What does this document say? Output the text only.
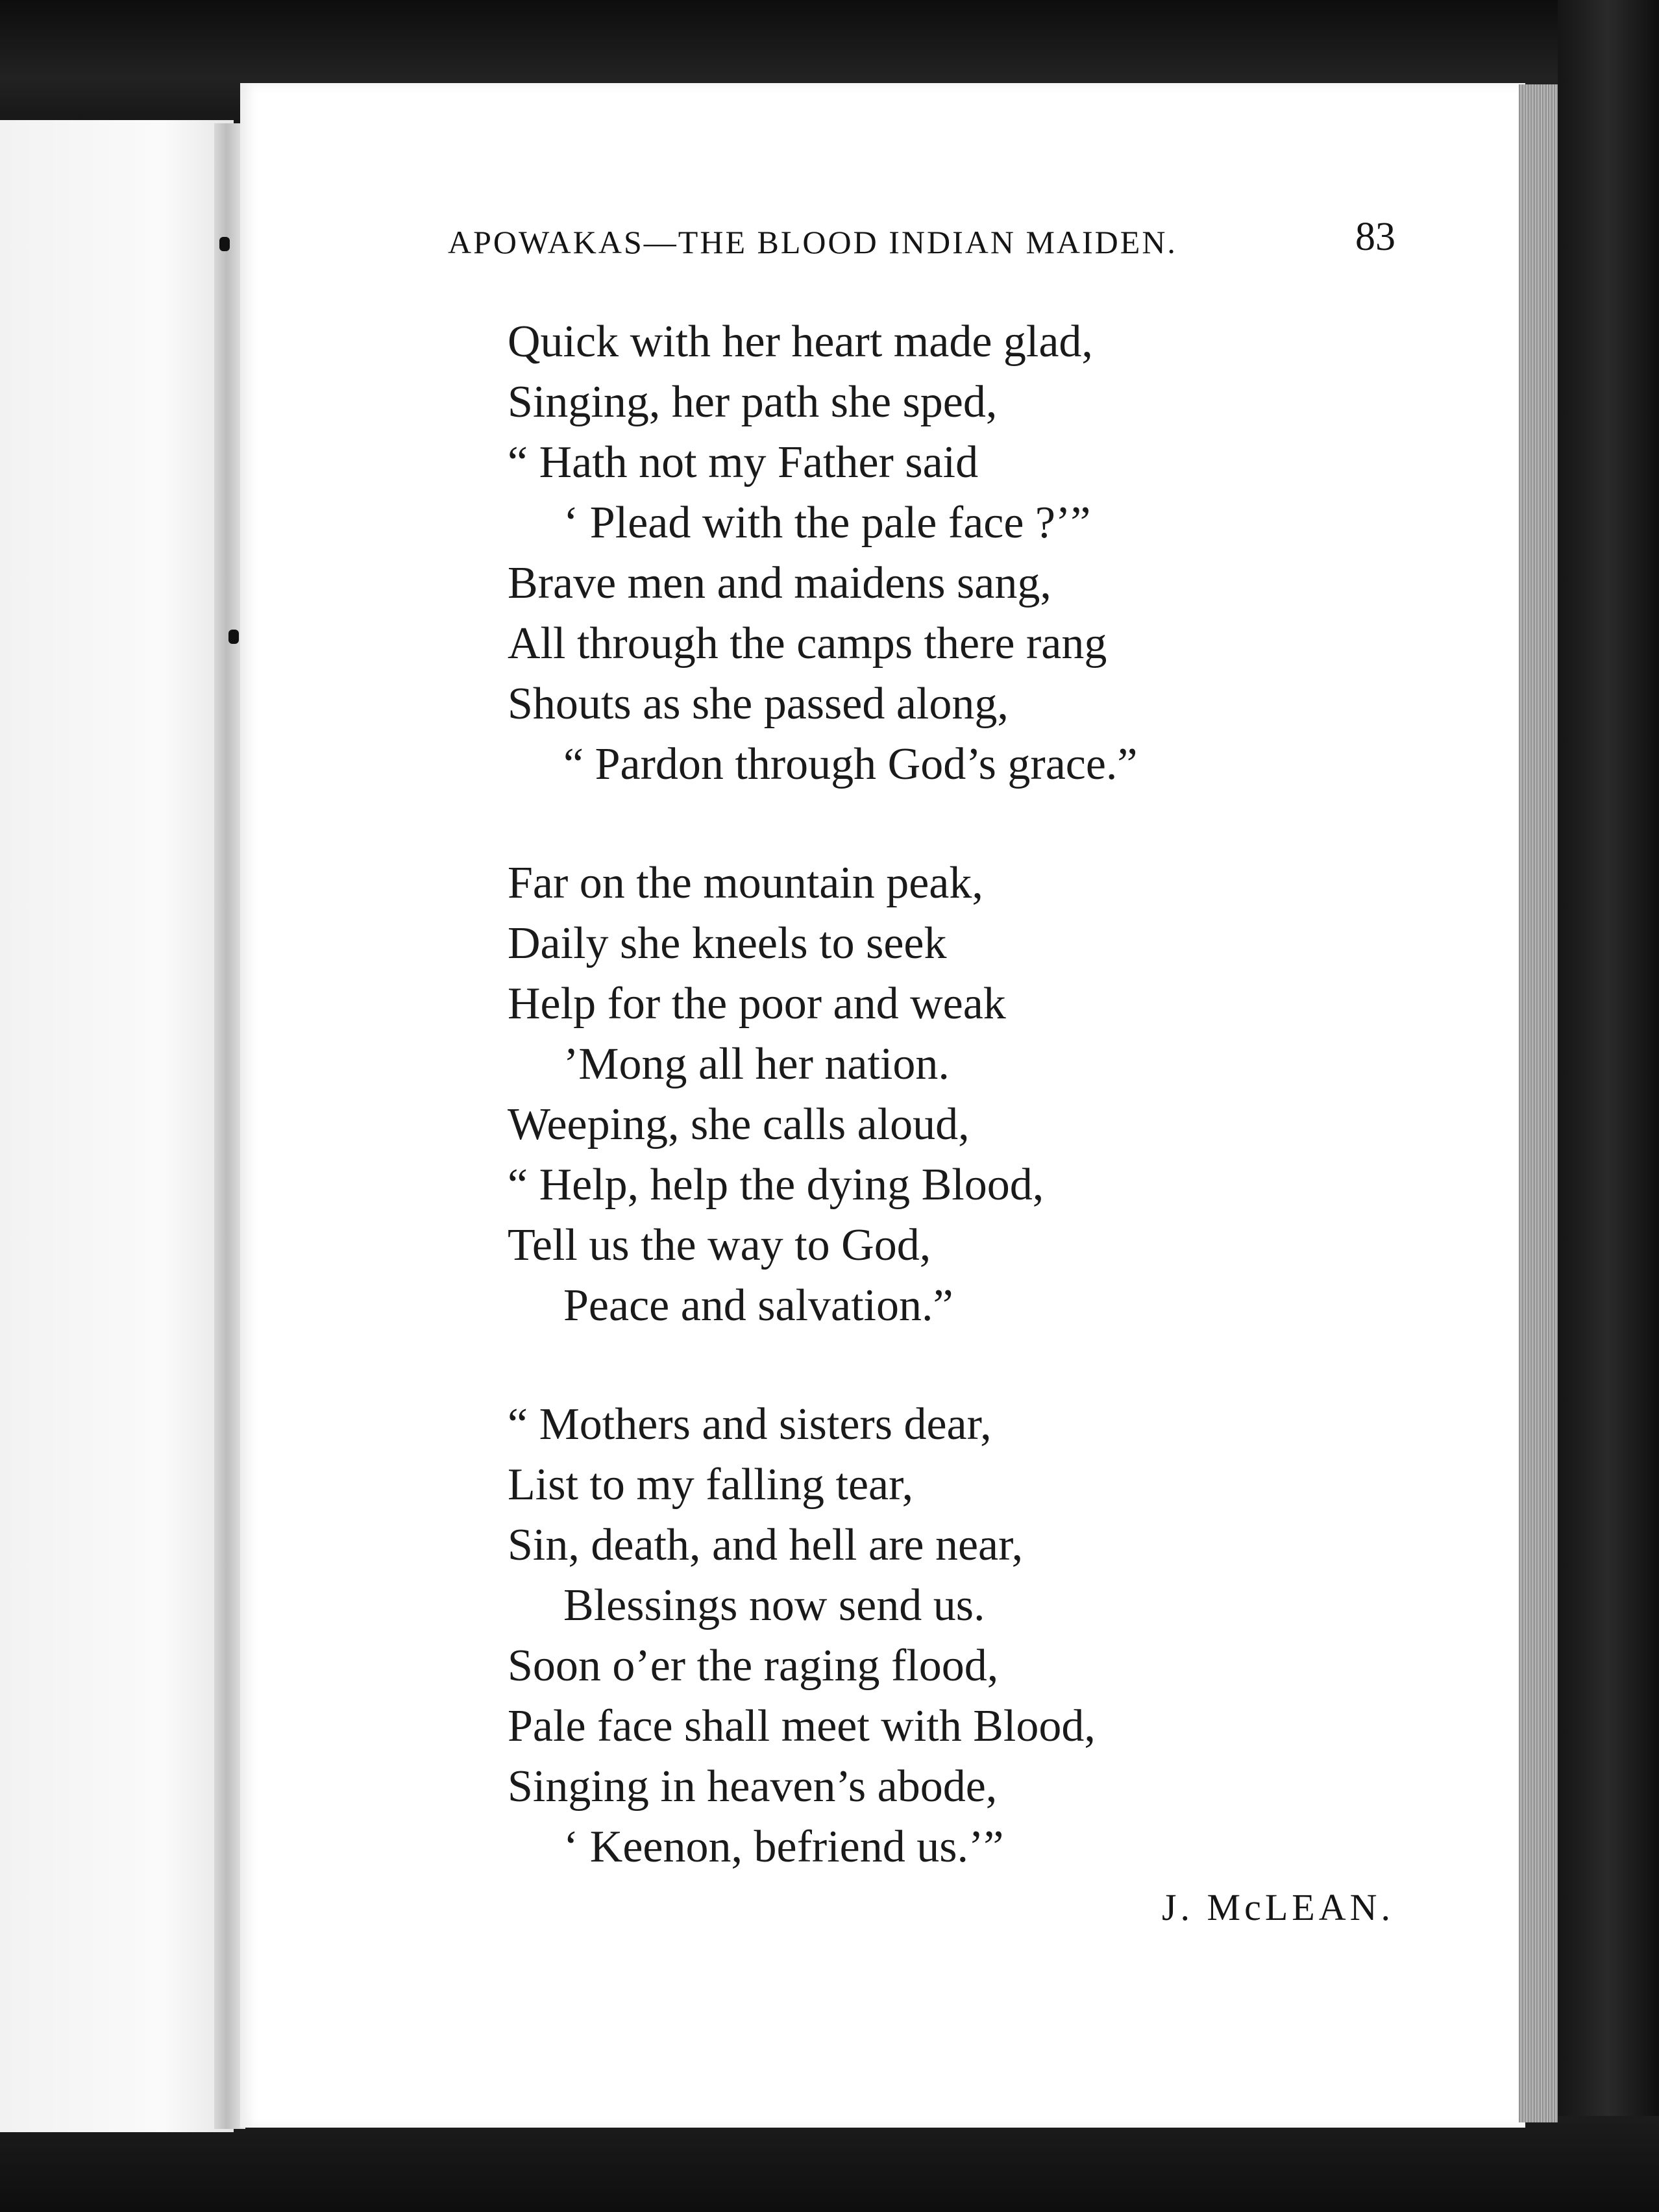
APOWAKAS—THE BLOOD INDIAN MAIDEN.	83
Quick with her heart made glad,
Singing, her path she sped,
“ Hath not my Father said
‘ Plead with the pale face ?’”
Brave men and maidens sang,
All through the camps there rang
Shouts as she passed along,
“ Pardon through God’s grace.”
Far on the mountain peak,
Daily she kneels to seek
Help for the poor and weak
’Mong all her nation.
Weeping, she calls aloud,
“ Help, help the dying Blood,
Tell us the way to God,
Peace and salvation.”
“ Mothers and sisters dear,
List to my falling tear,
Sin, death, and hell are near,
Blessings now send us.
Soon o’er the raging flood,
Pale face shall meet with Blood,
Singing in heaven’s abode,
‘ Keenon, befriend us.’”
J. McLEAN.
